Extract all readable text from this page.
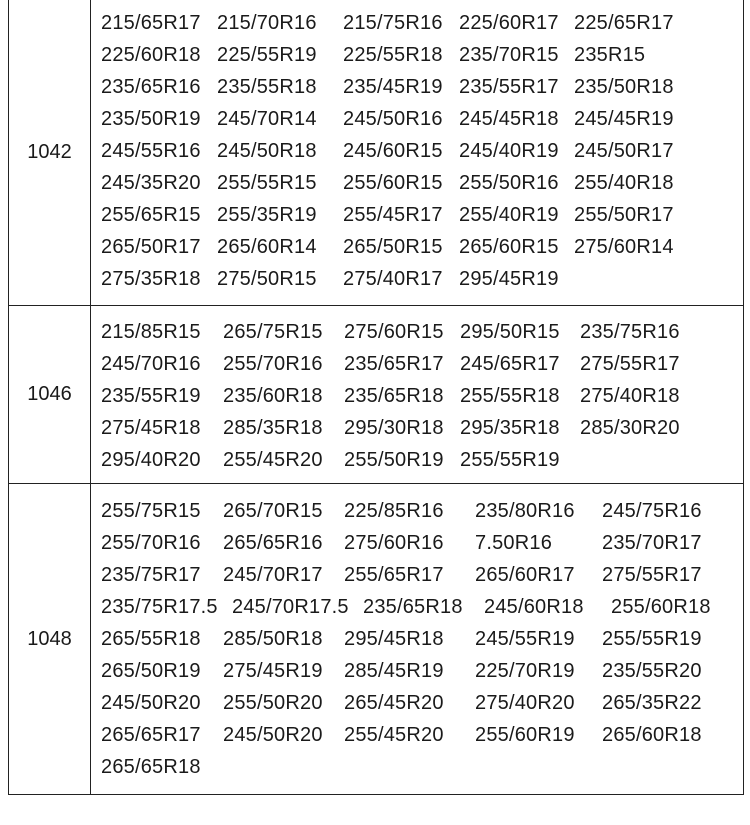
1042
215/65R17 215/70R16 215/75R16 225/60R17 225/65R17
225/60R18 225/55R19 225/55R18 235/70R15 235R15
235/65R16 235/55R18 235/45R19 235/55R17 235/50R18
235/50R19 245/70R14 245/50R16 245/45R18 245/45R19
245/55R16 245/50R18 245/60R15 245/40R19 245/50R17
245/35R20 255/55R15 255/60R15 255/50R16 255/40R18
255/65R15 255/35R19 255/45R17 255/40R19 255/50R17
265/50R17 265/60R14 265/50R15 265/60R15 275/60R14
275/35R18 275/50R15 275/40R17 295/45R19
1046
215/85R15 265/75R15 275/60R15 295/50R15 235/75R16
245/70R16 255/70R16 235/65R17 245/65R17 275/55R17
235/55R19 235/60R18 235/65R18 255/55R18 275/40R18
275/45R18 285/35R18 295/30R18 295/35R18 285/30R20
295/40R20 255/45R20 255/50R19 255/55R19
1048
255/75R15 265/70R15 225/85R16 235/80R16 245/75R16
255/70R16 265/65R16 275/60R16 7.50R16 235/70R17
235/75R17 245/70R17 255/65R17 265/60R17 275/55R17
235/75R17.5 245/70R17.5 235/65R18 245/60R18 255/60R18
265/55R18 285/50R18 295/45R18 245/55R19 255/55R19
265/50R19 275/45R19 285/45R19 225/70R19 235/55R20
245/50R20 255/50R20 265/45R20 275/40R20 265/35R22
265/65R17 245/50R20 255/45R20 255/60R19 265/60R18
265/65R18
